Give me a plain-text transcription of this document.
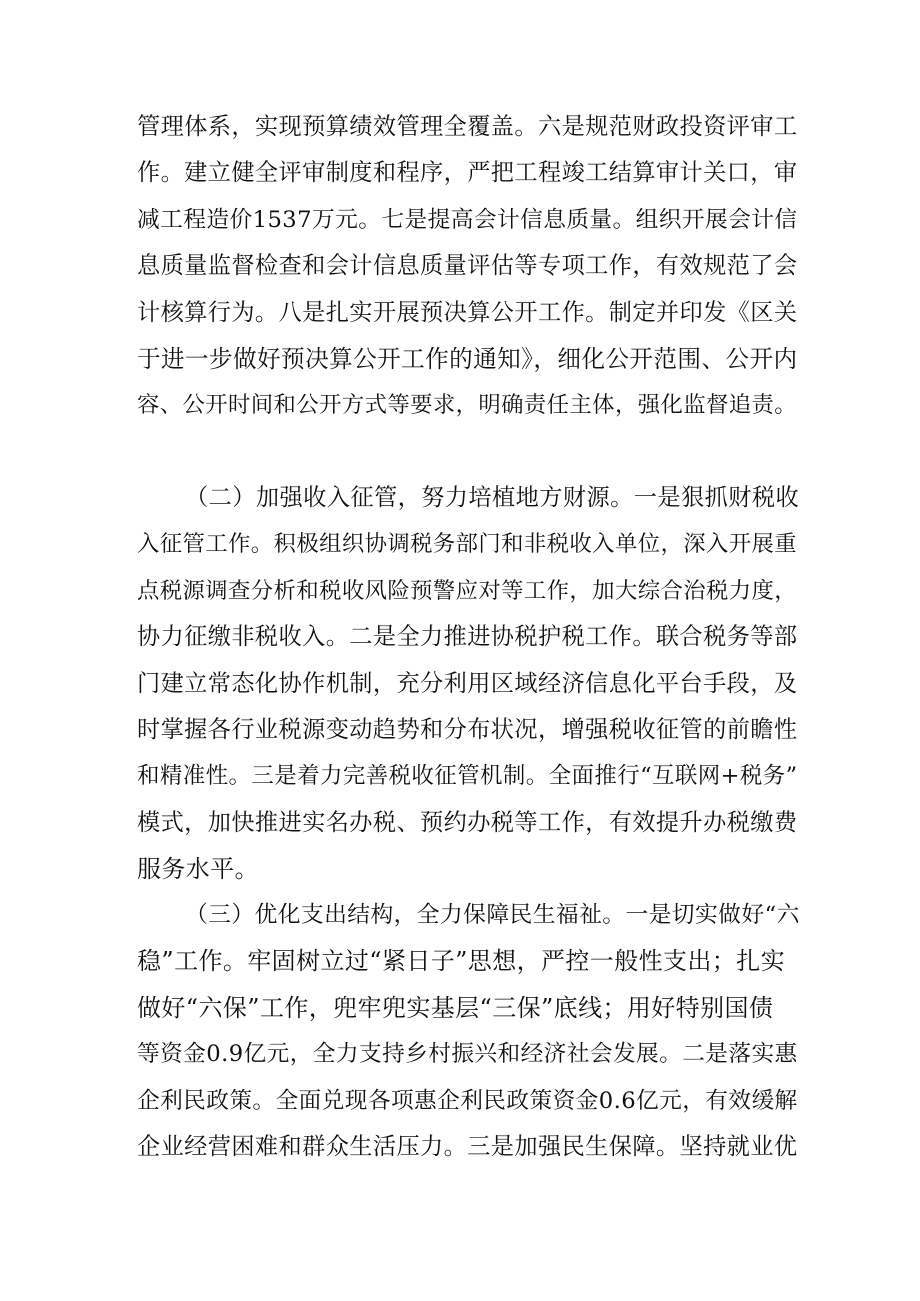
管理体系，实现预算绩效管理全覆盖。六是规范财政投资评审工
作。建立健全评审制度和程序，严把工程竣工结算审计关口，审
减工程造价1537万元。七是提高会计信息质量。组织开展会计信
息质量监督检查和会计信息质量评估等专项工作，有效规范了会
计核算行为。八是扎实开展预决算公开工作。制定并印发《区关
于进一步做好预决算公开工作的通知》，细化公开范围、公开内
容、公开时间和公开方式等要求，明确责任主体，强化监督追责。
（二）加强收入征管，努力培植地方财源。一是狠抓财税收
入征管工作。积极组织协调税务部门和非税收入单位，深入开展重
点税源调查分析和税收风险预警应对等工作，加大综合治税力度，
协力征缴非税收入。二是全力推进协税护税工作。联合税务等部
门建立常态化协作机制，充分利用区域经济信息化平台手段，及
时掌握各行业税源变动趋势和分布状况，增强税收征管的前瞻性
和精准性。三是着力完善税收征管机制。全面推行“互联网+税务”
模式，加快推进实名办税、预约办税等工作，有效提升办税缴费
服务水平。
（三）优化支出结构，全力保障民生福祉。一是切实做好“六
稳”工作。牢固树立过“紧日子”思想，严控一般性支出；扎实
做好“六保”工作，兜牢兜实基层“三保”底线；用好特别国债
等资金0.9亿元，全力支持乡村振兴和经济社会发展。二是落实惠
企利民政策。全面兑现各项惠企利民政策资金0.6亿元，有效缓解
企业经营困难和群众生活压力。三是加强民生保障。坚持就业优
